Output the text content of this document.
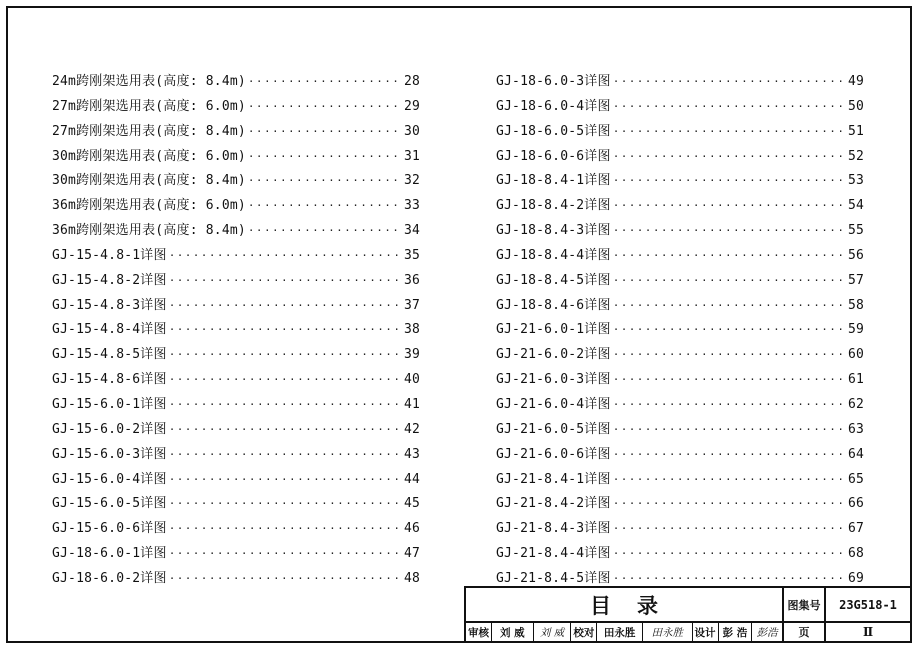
24m跨刚架选用表(高度: 8.4m) ·····	28
27m跨刚架选用表(高度: 6.0m) ·····	29
27m跨刚架选用表(高度: 8.4m) ·····	30
30m跨刚架选用表(高度: 6.0m) ·····	31
30m跨刚架选用表(高度: 8.4m) ·····	32
36m跨刚架选用表(高度: 6.0m) ·····	33
36m跨刚架选用表(高度: 8.4m) ·····	34
GJ-15-4.8-1详图 ·····	35
GJ-15-4.8-2详图 ·····	36
GJ-15-4.8-3详图 ·····	37
GJ-15-4.8-4详图 ·····	38
GJ-15-4.8-5详图 ·····	39
GJ-15-4.8-6详图 ·····	40
GJ-15-6.0-1详图 ·····	41
GJ-15-6.0-2详图 ·····	42
GJ-15-6.0-3详图 ·····	43
GJ-15-6.0-4详图 ·····	44
GJ-15-6.0-5详图 ·····	45
GJ-15-6.0-6详图 ·····	46
GJ-18-6.0-1详图 ·····	47
GJ-18-6.0-2详图 ·····	48
GJ-18-6.0-3详图 ·····	49
GJ-18-6.0-4详图 ·····	50
GJ-18-6.0-5详图 ·····	51
GJ-18-6.0-6详图 ·····	52
GJ-18-8.4-1详图 ·····	53
GJ-18-8.4-2详图 ·····	54
GJ-18-8.4-3详图 ·····	55
GJ-18-8.4-4详图 ·····	56
GJ-18-8.4-5详图 ·····	57
GJ-18-8.4-6详图 ·····	58
GJ-21-6.0-1详图 ·····	59
GJ-21-6.0-2详图 ·····	60
GJ-21-6.0-3详图 ·····	61
GJ-21-6.0-4详图 ·····	62
GJ-21-6.0-5详图 ·····	63
GJ-21-6.0-6详图 ·····	64
GJ-21-8.4-1详图 ·····	65
GJ-21-8.4-2详图 ·····	66
GJ-21-8.4-3详图 ·····	67
GJ-21-8.4-4详图 ·····	68
GJ-21-8.4-5详图 ·····	69
目录	图集号	23G518-1
审核 刘 威 刘 威 校对 田永胜 田永胜 设计 彭 浩 彭浩	页	Ⅱ
